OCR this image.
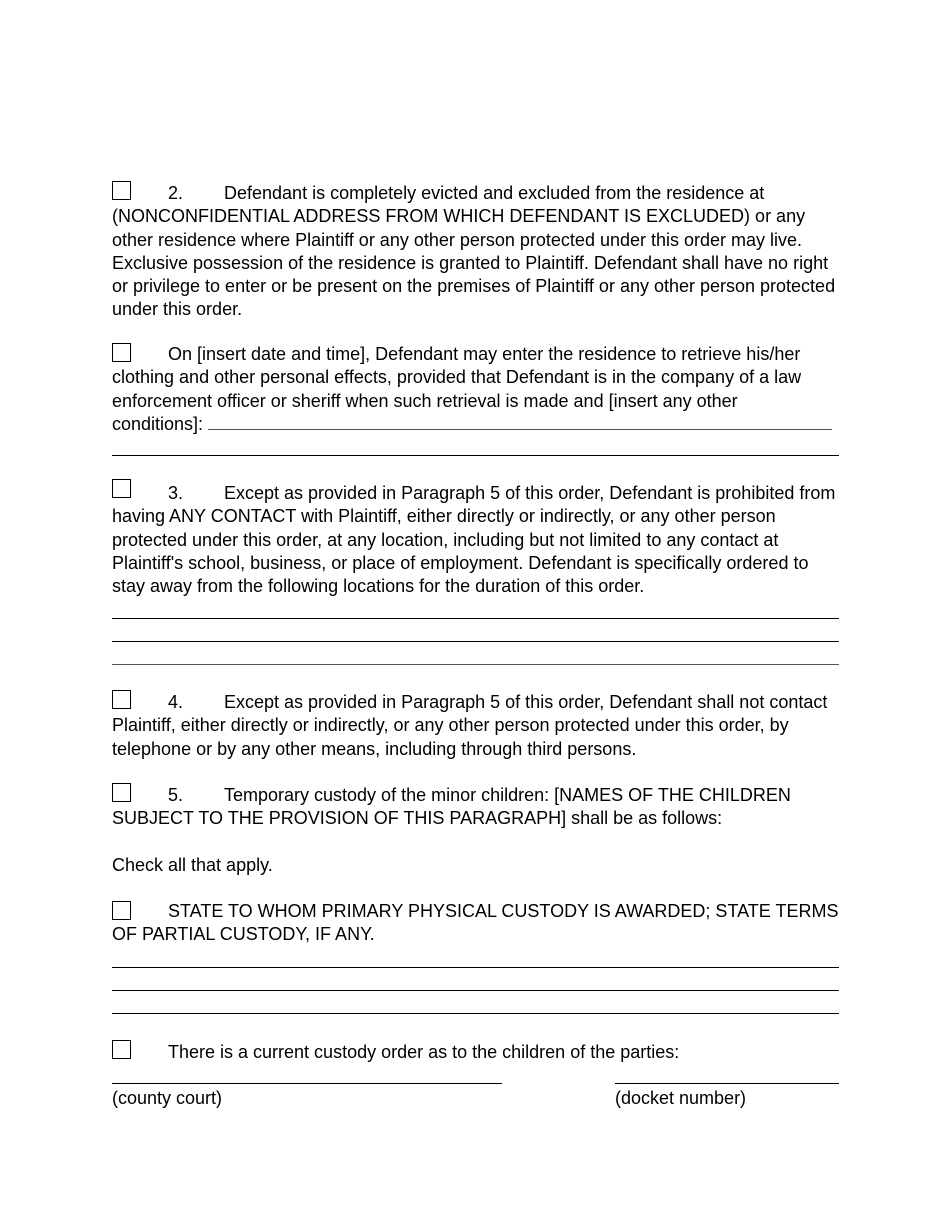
2. Defendant is completely evicted and excluded from the residence at (NONCONFIDENTIAL ADDRESS FROM WHICH DEFENDANT IS EXCLUDED) or any other residence where Plaintiff or any other person protected under this order may live. Exclusive possession of the residence is granted to Plaintiff. Defendant shall have no right or privilege to enter or be present on the premises of Plaintiff or any other person protected under this order.
On [insert date and time], Defendant may enter the residence to retrieve his/her clothing and other personal effects, provided that Defendant is in the company of a law enforcement officer or sheriff when such retrieval is made and [insert any other
conditions]:
3. Except as provided in Paragraph 5 of this order, Defendant is prohibited from having ANY CONTACT with Plaintiff, either directly or indirectly, or any other person protected under this order, at any location, including but not limited to any contact at Plaintiff's school, business, or place of employment. Defendant is specifically ordered to stay away from the following locations for the duration of this order.
4. Except as provided in Paragraph 5 of this order, Defendant shall not contact Plaintiff, either directly or indirectly, or any other person protected under this order, by telephone or by any other means, including through third persons.
5. Temporary custody of the minor children: [NAMES OF THE CHILDREN SUBJECT TO THE PROVISION OF THIS PARAGRAPH] shall be as follows:
Check all that apply.
STATE TO WHOM PRIMARY PHYSICAL CUSTODY IS AWARDED; STATE TERMS OF PARTIAL CUSTODY, IF ANY.
There is a current custody order as to the children of the parties:
(county court)	(docket number)
